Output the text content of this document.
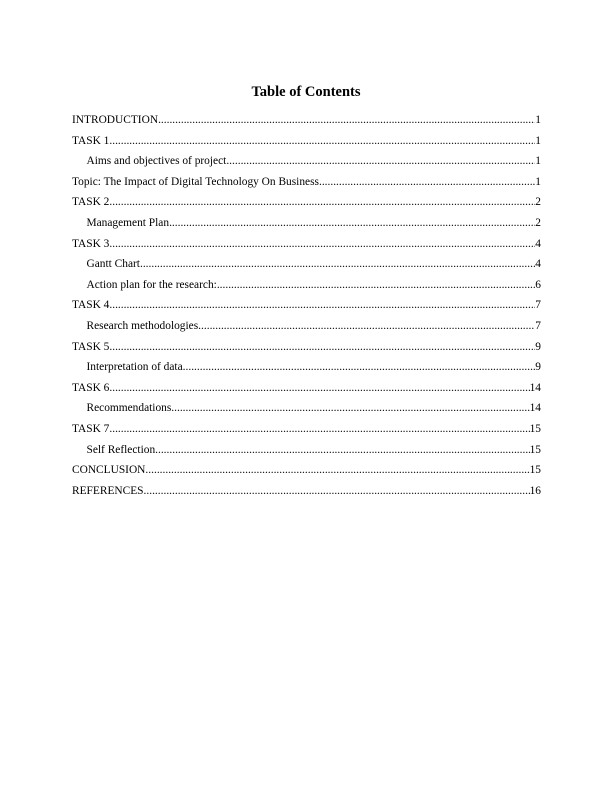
Table of Contents
INTRODUCTION .....	1
TASK 1 .....	1
Aims and objectives of project .....	1
Topic: The Impact of Digital Technology On Business .....	1
TASK 2 .....	2
Management Plan .....	2
TASK 3 .....	4
Gantt Chart .....	4
Action plan for the research: .....	6
TASK 4 .....	7
Research methodologies .....	7
TASK 5 .....	9
Interpretation of data .....	9
TASK 6 .....	14
Recommendations .....	14
TASK 7 .....	15
Self Reflection .....	15
CONCLUSION .....	15
REFERENCES .....	16
